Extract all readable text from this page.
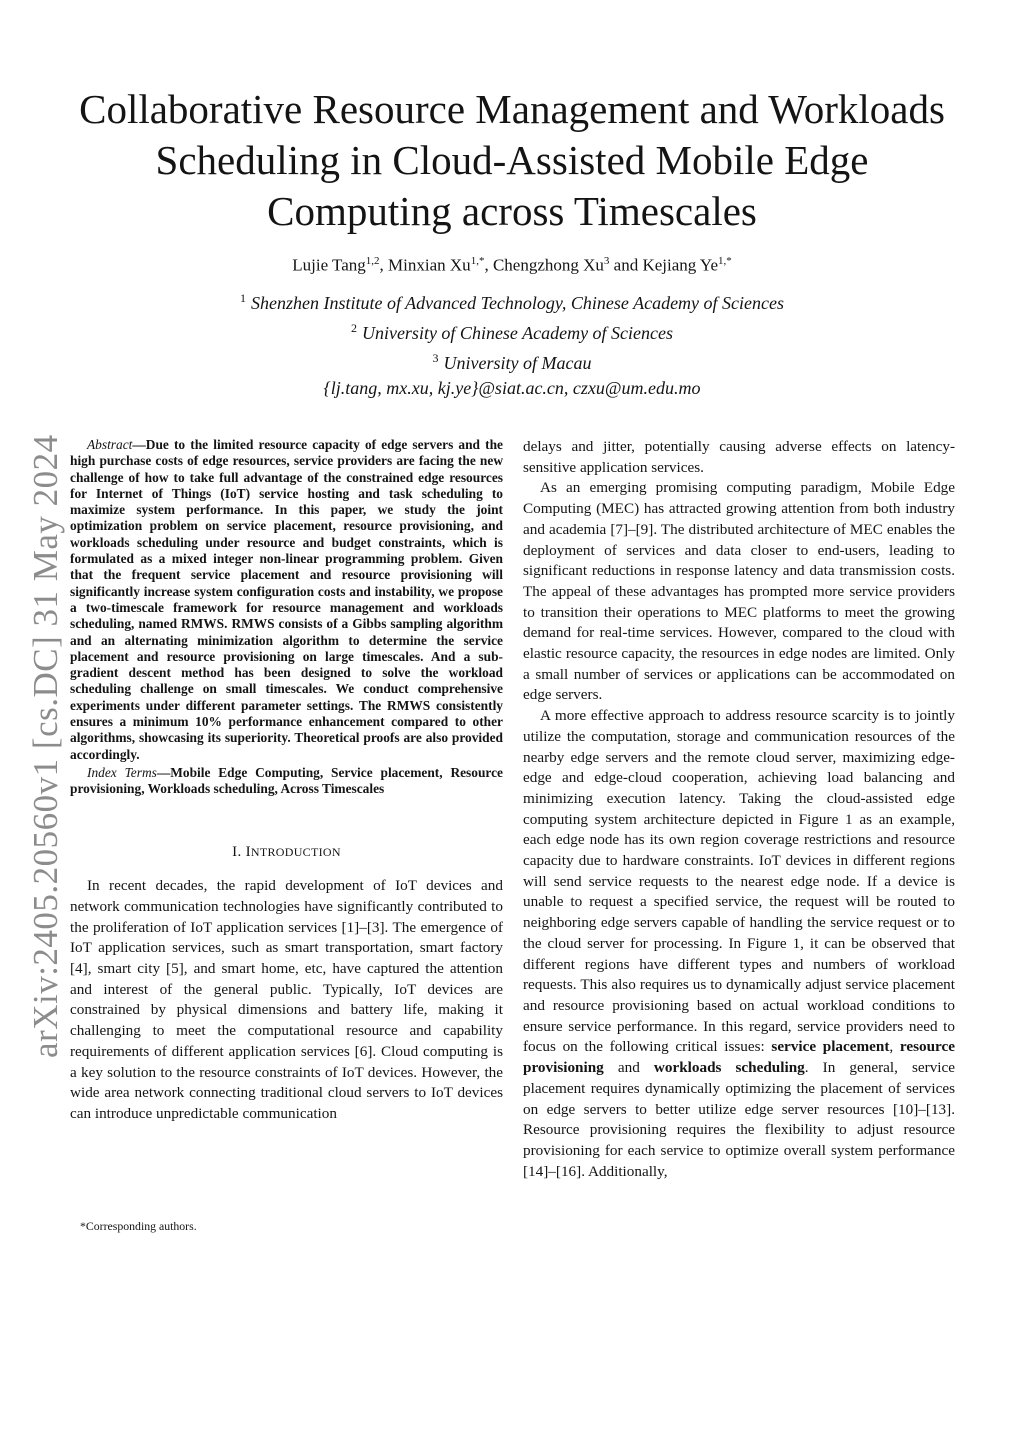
arXiv:2405.20560v1 [cs.DC] 31 May 2024
Collaborative Resource Management and Workloads
Scheduling in Cloud-Assisted Mobile Edge
Computing across Timescales
Lujie Tang$^{1,2}$, Minxian $Xu^{1,*}$, Chengzhong Xu$^3$ and Kejiang $Ye^{1,*}$
$^1$ Shenzhen Institute of Advanced Technology, Chinese Academy of Sciences
$^2$ University of Chinese Academy of Sciences
$^3$ University of Macau
{lj.tang, mx.xu, kj.ye}@siat.ac.cn, czxu@um.edu.mo

Abstract—Due to the limited resource capacity of edge servers and the high purchase costs of edge resources, service providers are facing the new challenge of how to take full advantage of the constrained edge resources for Internet of Things (IoT) service hosting and task scheduling to maximize system performance. In this paper, we study the joint optimization problem on service placement, resource provisioning, and workloads scheduling under resource and budget constraints, which is formulated as a mixed integer non-linear programming problem. Given that the frequent service placement and resource provisioning will significantly increase system configuration costs and instability, we propose a two-timescale framework for resource management and workloads scheduling, named RMWS. RMWS consists of a Gibbs sampling algorithm and an alternating minimization algorithm to determine the service placement and resource provisioning on large timescales. And a sub-gradient descent method has been designed to solve the workload scheduling challenge on small timescales. We conduct comprehensive experiments under different parameter settings. The RMWS consistently ensures a minimum 10% performance enhancement compared to other algorithms, showcasing its superiority. Theoretical proofs are also provided accordingly.

Index Terms—Mobile Edge Computing, Service placement, Resource provisioning, Workloads scheduling, Across Timescales

I. INTRODUCTION

In recent decades, the rapid development of IoT devices and network communication technologies have significantly contributed to the proliferation of IoT application services [1]–[3]. The emergence of IoT application services, such as smart transportation, smart factory [4], smart city [5], and smart home, etc, have captured the attention and interest of the general public. Typically, IoT devices are constrained by physical dimensions and battery life, making it challenging to meet the computational resource and capability requirements of different application services [6]. Cloud computing is a key solution to the resource constraints of IoT devices. However, the wide area network connecting traditional cloud servers to IoT devices can introduce unpredictable communication

*Corresponding authors.

delays and jitter, potentially causing adverse effects on latency-sensitive application services.

As an emerging promising computing paradigm, Mobile Edge Computing (MEC) has attracted growing attention from both industry and academia [7]–[9]. The distributed architecture of MEC enables the deployment of services and data closer to end-users, leading to significant reductions in response latency and data transmission costs. The appeal of these advantages has prompted more service providers to transition their operations to MEC platforms to meet the growing demand for real-time services. However, compared to the cloud with elastic resource capacity, the resources in edge nodes are limited. Only a small number of services or applications can be accommodated on edge servers.

A more effective approach to address resource scarcity is to jointly utilize the computation, storage and communication resources of the nearby edge servers and the remote cloud server, maximizing edge-edge and edge-cloud cooperation, achieving load balancing and minimizing execution latency. Taking the cloud-assisted edge computing system architecture depicted in Figure 1 as an example, each edge node has its own region coverage restrictions and resource capacity due to hardware constraints. IoT devices in different regions will send service requests to the nearest edge node. If a device is unable to request a specified service, the request will be routed to neighboring edge servers capable of handling the service request or to the cloud server for processing. In Figure 1, it can be observed that different regions have different types and numbers of workload requests. This also requires us to dynamically adjust service placement and resource provisioning based on actual workload conditions to ensure service performance. In this regard, service providers need to focus on the following critical issues: service placement, resource provisioning and workloads scheduling. In general, service placement requires dynamically optimizing the placement of services on edge servers to better utilize edge server resources [10]–[13]. Resource provisioning requires the flexibility to adjust resource provisioning for each service to optimize overall system performance [14]–[16]. Additionally,
